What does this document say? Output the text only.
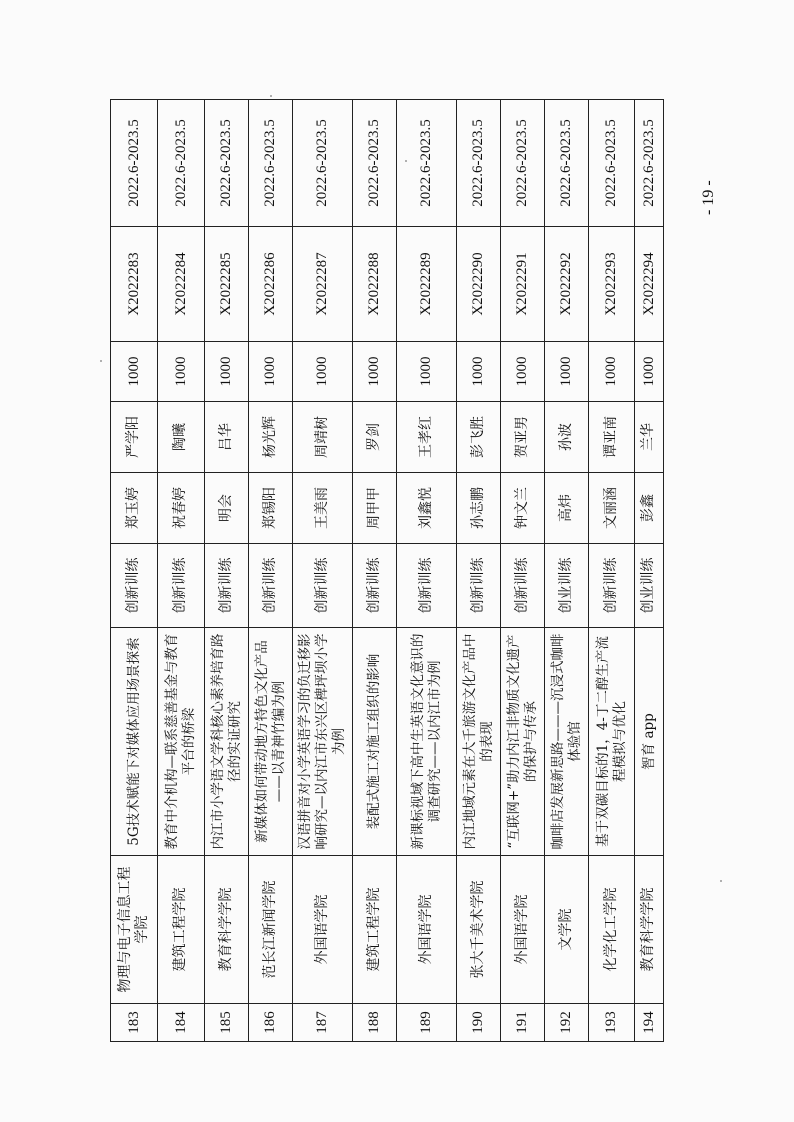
183	物理与电子信息工程学院	5G技术赋能下对媒体应用场景探索	创新训练	郑玉婷	严学阳	1000	X2022283	2022.6-2023.5
184	建筑工程学院	教育中介机构—联系慈善基金与教育平台的桥梁	创新训练	祝春婷	陶曦	1000	X2022284	2022.6-2023.5
185	教育科学学院	内江市小学语文学科核心素养培育路径的实证研究	创新训练	明会	吕华	1000	X2022285	2022.6-2023.5
186	范长江新闻学院	新媒体如何带动地方特色文化产品——以青神竹编为例	创新训练	郑锡阳	杨光辉	1000	X2022286	2022.6-2023.5
187	外国语学院	汉语拼音对小学英语学习的负迁移影响研究—以内江市东兴区椑坪坝小学为例	创新训练	王美雨	周靖树	1000	X2022287	2022.6-2023.5
188	建筑工程学院	装配式施工对施工组织的影响	创新训练	周甲甲	罗剑	1000	X2022288	2022.6-2023.5
189	外国语学院	新课标视域下高中生英语文化意识的调查研究——以内江市为例	创新训练	刘鑫悦	王孝红	1000	X2022289	2022.6-2023.5
190	张大千美术学院	内江地域元素在大千旅游文化产品中的表现	创新训练	孙志鹏	彭飞胜	1000	X2022290	2022.6-2023.5
191	外国语学院	“互联网+”助力内江非物质文化遗产的保护与传承	创新训练	钟文兰	贺亚男	1000	X2022291	2022.6-2023.5
192	文学院	咖啡店发展新思路———沉浸式咖啡体验馆	创业训练	高炜	孙波	1000	X2022292	2022.6-2023.5
193	化学化工学院	基于双碳目标的1，4-丁二醇生产流程模拟与优化	创新训练	文丽涵	谭亚南	1000	X2022293	2022.6-2023.5
194	教育科学学院	智育 app	创业训练	彭鑫	兰华	1000	X2022294	2022.6-2023.5	- 19 -
